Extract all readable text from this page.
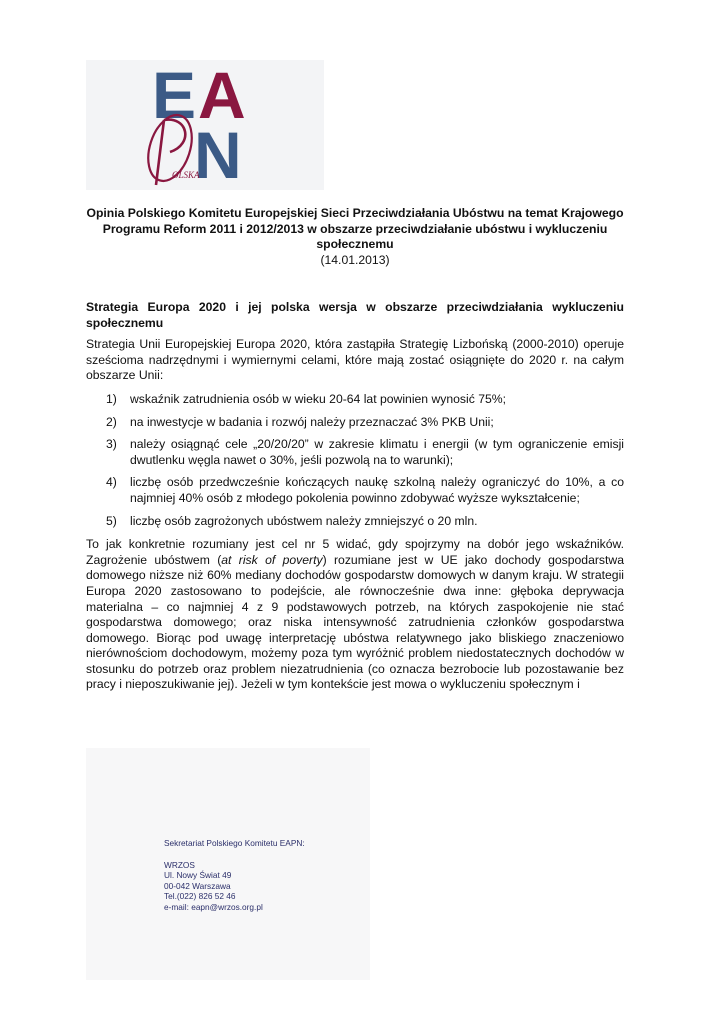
E A
N
OLSKA
Opinia Polskiego Komitetu Europejskiej Sieci Przeciwdziałania Ubóstwu na temat Krajowego Programu Reform 2011 i 2012/2013 w obszarze przeciwdziałanie ubóstwu i wykluczeniu społecznemu
(14.01.2013)

Strategia Europa 2020 i jej polska wersja w obszarze przeciwdziałania wykluczeniu społecznemu

Strategia Unii Europejskiej Europa 2020, która zastąpiła Strategię Lizbońską (2000-2010) operuje sześcioma nadrzędnymi i wymiernymi celami, które mają zostać osiągnięte do 2020 r. na całym obszarze Unii:

1) wskaźnik zatrudnienia osób w wieku 20-64 lat powinien wynosić 75%;
2) na inwestycje w badania i rozwój należy przeznaczać 3% PKB Unii;
3) należy osiągnąć cele „20/20/20” w zakresie klimatu i energii (w tym ograniczenie emisji dwutlenku węgla nawet o 30%, jeśli pozwolą na to warunki);
4) liczbę osób przedwcześnie kończących naukę szkolną należy ograniczyć do 10%, a co najmniej 40% osób z młodego pokolenia powinno zdobywać wyższe wykształcenie;
5) liczbę osób zagrożonych ubóstwem należy zmniejszyć o 20 mln.

To jak konkretnie rozumiany jest cel nr 5 widać, gdy spojrzymy na dobór jego wskaźników. Zagrożenie ubóstwem (at risk of poverty) rozumiane jest w UE jako dochody gospodarstwa domowego niższe niż 60% mediany dochodów gospodarstw domowych w danym kraju. W strategii Europa 2020 zastosowano to podejście, ale równocześnie dwa inne: głęboka deprywacja materialna – co najmniej 4 z 9 podstawowych potrzeb, na których zaspokojenie nie stać gospodarstwa domowego; oraz niska intensywność zatrudnienia członków gospodarstwa domowego. Biorąc pod uwagę interpretację ubóstwa relatywnego jako bliskiego znaczeniowo nierównościom dochodowym, możemy poza tym wyróżnić problem niedostatecznych dochodów w stosunku do potrzeb oraz problem niezatrudnienia (co oznacza bezrobocie lub pozostawanie bez pracy i nieposzukiwanie jej). Jeżeli w tym kontekście jest mowa o wykluczeniu społecznym i

Sekretariat Polskiego Komitetu EAPN:
WRZOS
Ul. Nowy Świat 49
00-042 Warszawa
Tel.(022) 826 52 46
e-mail: eapn@wrzos.org.pl
